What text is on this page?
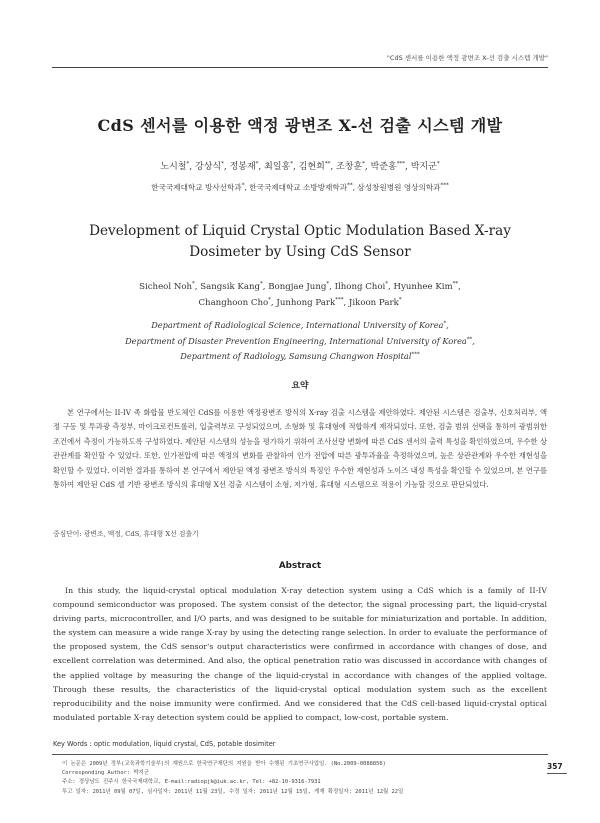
"CdS 센서를 이용한 액정 광변조 X-선 검출 시스템 개발"
CdS 센서를 이용한 액정 광변조 X-선 검출 시스템 개발
노시철*, 강상식*, 정봉재*, 최일홍*, 김현희**, 조창훈*, 박준홍***, 박지군*
한국국제대학교 방사선학과*, 한국국제대학교 소방방재학과**, 삼성창원병원 영상의학과***
Development of Liquid Crystal Optic Modulation Based X-ray
Dosimeter by Using CdS Sensor
Sicheol Noh*, Sangsik Kang*, Bongjae Jung*, Ilhong Choi*, Hyunhee Kim**,
Changhoon Cho*, Junhong Park***, Jikoon Park*
Department of Radiological Science, International University of Korea*,
Department of Disaster Prevention Engineering, International University of Korea**,
Department of Radiology, Samsung Changwon Hospital***
요약

본 연구에서는 II-IV 족 화합물 반도체인 CdS를 이용한 액정광변조 방식의 X-ray 검출 시스템을 제안하였다. 제안된 시스템은 검출부, 신호처리부, 액정 구동 및 투과광 측정부, 마이크로컨트롤러, 입출력부로 구성되었으며, 소형화 및 휴대형에 적합하게 제작되었다. 또한, 검출 범위 선택을 통하여 광범위한 조건에서 측정이 가능하도록 구성하였다. 제안된 시스템의 성능을 평가하기 위하여 조사선량 변화에 따른 CdS 센서의 출력 특성을 확인하였으며, 우수한 상관관계를 확인할 수 있었다. 또한, 인가전압에 따른 액정의 변화를 관찰하여 인가 전압에 따른 광투과율을 측정하였으며, 높은 상관관계와 우수한 재현성을 확인할 수 있었다. 이러한 결과를 통하여 본 연구에서 제안된 액정 광변조 방식의 특징인 우수한 재현성과 노이즈 내성 특성을 확인할 수 있었으며, 본 연구를 통하여 제안된 CdS 셀 기반 광변조 방식의 휴대형 X선 검출 시스템이 소형, 저가형, 휴대형 시스템으로 적용이 가능할 것으로 판단되었다.

중심단어: 광변조, 액정, CdS, 휴대형 X선 검출기
Abstract

In this study, the liquid-crystal optical modulation X-ray detection system using a CdS which is a family of II-IV compound semiconductor was proposed. The system consist of the detector, the signal processing part, the liquid-crystal driving parts, microcontroller, and I/O parts, and was designed to be suitable for miniaturization and portable. In addition, the system can measure a wide range X-ray by using the detecting range selection. In order to evaluate the performance of the proposed system, the CdS sensor's output characteristics were confirmed in accordance with changes of dose, and excellent correlation was determined. And also, the optical penetration ratio was discussed in accordance with changes of the applied voltage by measuring the change of the liquid-crystal in accordance with changes of the applied voltage. Through these results, the characteristics of the liquid-crystal optical modulation system such as the excellent reproducibility and the noise immunity were confirmed. And we considered that the CdS cell-based liquid-crystal optical modulated portable X-ray detection system could be applied to compact, low-cost, portable system.

Key Words : optic modulation, liquid crystal, CdS, potable dosimiter
이 논문은 2009년 정부(교육과학기술부)의 재원으로 한국연구재단의 지원을 받아 수행된 기초연구사업임. (No.2009-0088856)
Corresponding Author: 박지군
주소: 경상남도 진주시 한국국제대학교, E-mail:radiopjk@iuk.ac.kr, Tel: +82-10-9316-7931
투고 일자: 2011년 09월 07일, 심사일자: 2011년 11월 23일, 수정 일자: 2011년 12월 15일, 게재 확정일자: 2011년 12월 22일
357
